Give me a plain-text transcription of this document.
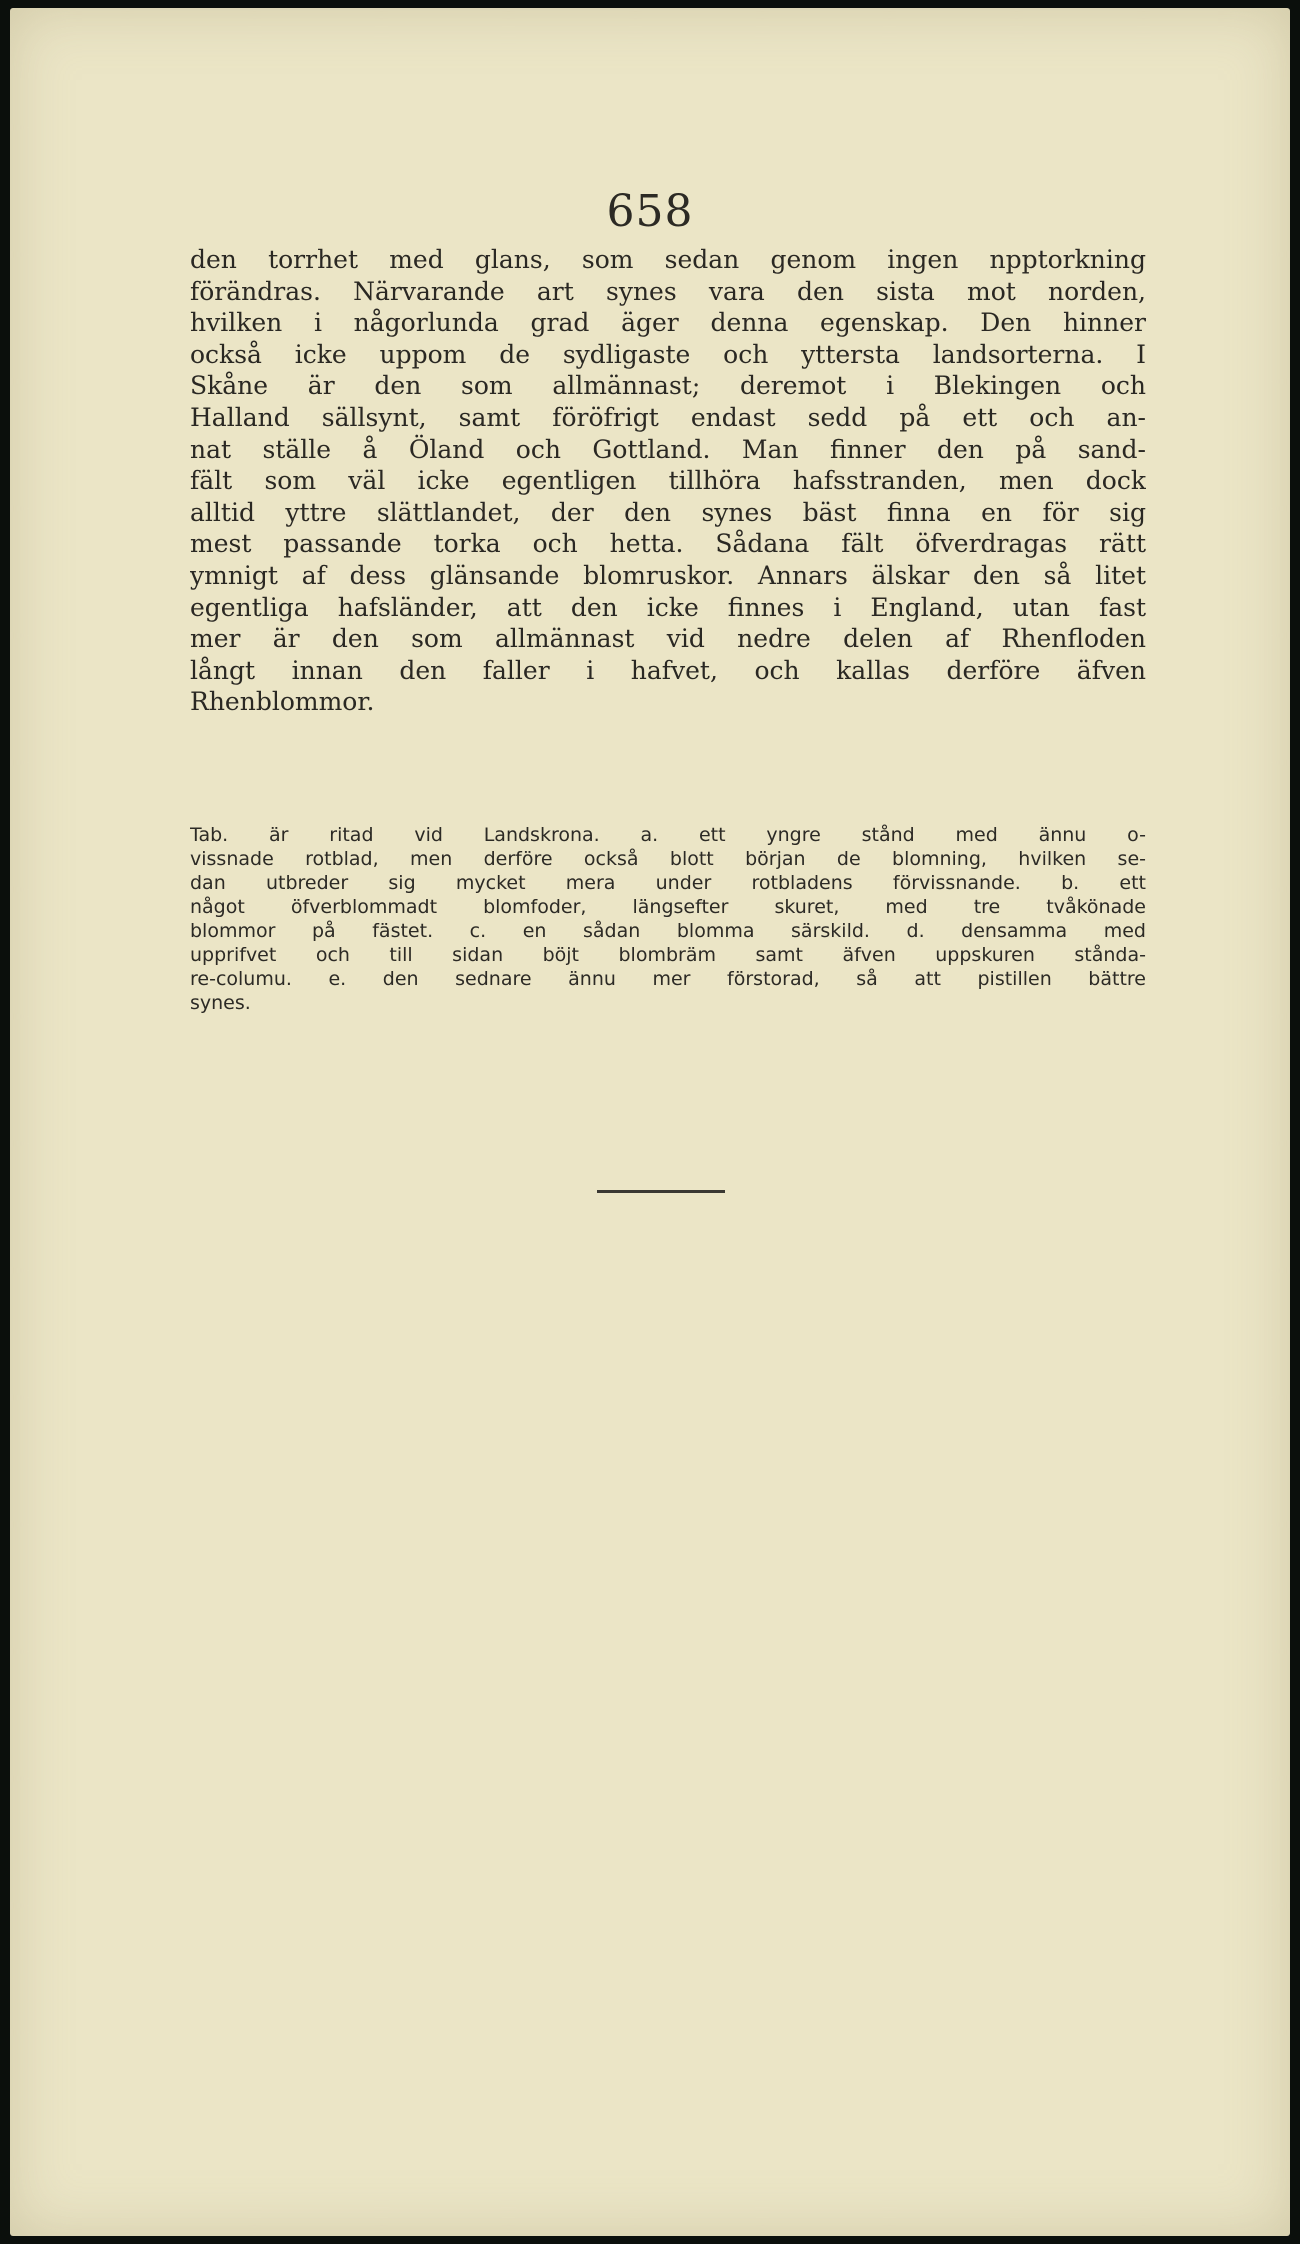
658
den torrhet med glans, som sedan genom ingen npptorkning
förändras. Närvarande art synes vara den sista mot norden,
hvilken i någorlunda grad äger denna egenskap. Den hinner
också icke uppom de sydligaste och yttersta landsorterna. I
Skåne är den som allmännast; deremot i Blekingen och
Halland sällsynt, samt föröfrigt endast sedd på ett och an-
nat ställe å Öland och Gottland. Man finner den på sand-
fält som väl icke egentligen tillhöra hafsstranden, men dock
alltid yttre slättlandet, der den synes bäst finna en för sig
mest passande torka och hetta. Sådana fält öfverdragas rätt
ymnigt af dess glänsande blomruskor. Annars älskar den så litet
egentliga hafsländer, att den icke finnes i England, utan fast
mer är den som allmännast vid nedre delen af Rhenfloden
långt innan den faller i hafvet, och kallas derföre äfven
Rhenblommor.
Tab. är ritad vid Landskrona. a. ett yngre stånd med ännu o-
vissnade rotblad, men derföre också blott början de blomning, hvilken se-
dan utbreder sig mycket mera under rotbladens förvissnande. b. ett
något öfverblommadt blomfoder, längsefter skuret, med tre tvåkönade
blommor på fästet. c. en sådan blomma särskild. d. densamma med
upprifvet och till sidan böjt blombräm samt äfven uppskuren ståndа-
re-columu. e. den sednare ännu mer förstorad, så att pistillen bättre
synes.
